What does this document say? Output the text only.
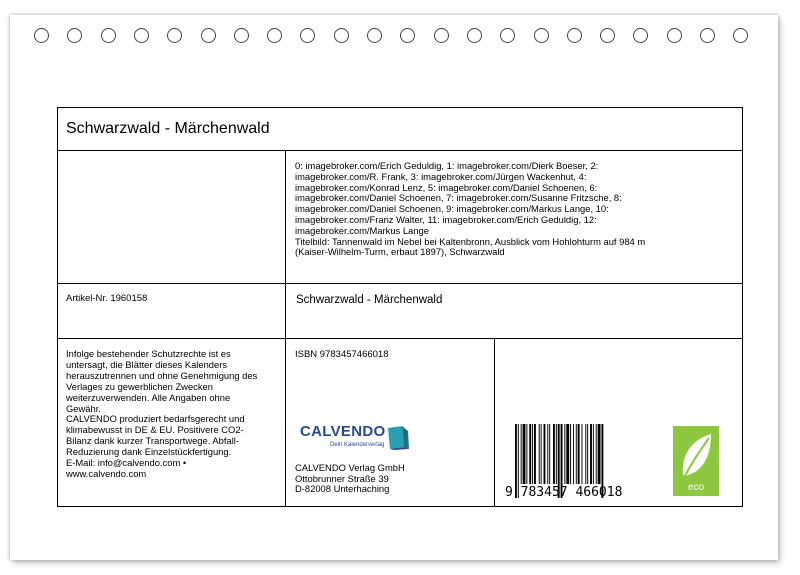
Schwarzwald - Märchenwald
0: imagebroker.com/Erich Geduldig, 1: imagebroker.com/Dierk Boeser, 2:
imagebroker.com/R. Frank, 3: imagebroker.com/Jürgen Wackenhut, 4:
imagebroker.com/Konrad Lenz, 5: imagebroker.com/Daniel Schoenen, 6:
imagebroker.com/Daniel Schoenen, 7: imagebroker.com/Susanne Fritzsche, 8:
imagebroker.com/Daniel Schoenen, 9: imagebroker.com/Markus Lange, 10:
imagebroker.com/Franz Walter, 11: imagebroker.com/Erich Geduldig, 12:
imagebroker.com/Markus Lange
Titelbild: Tannenwald im Nebel bei Kaltenbronn, Ausblick vom Hohlohturm auf 984 m
(Kaiser-Wilhelm-Turm, erbaut 1897), Schwarzwald
Artikel-Nr. 1960158	Schwarzwald - Märchenwald
Infolge bestehender Schutzrechte ist es
untersagt, die Blätter dieses Kalenders
herauszutrennen und ohne Genehmigung des
Verlages zu gewerblichen Zwecken
weiterzuverwenden. Alle Angaben ohne
Gewähr.
CALVENDO produziert bedarfsgerecht und
klimabewusst in DE & EU. Positivere CO2-
Bilanz dank kurzer Transportwege. Abfall-
Reduzierung dank Einzelstückfertigung.
E-Mail: info@calvendo.com •
www.calvendo.com
ISBN 9783457466018
CALVENDO
Dein Kalenderverlag
CALVENDO Verlag GmbH
Ottobrunner Straße 39
D-82008 Unterhaching	9 783457 466018	eco
